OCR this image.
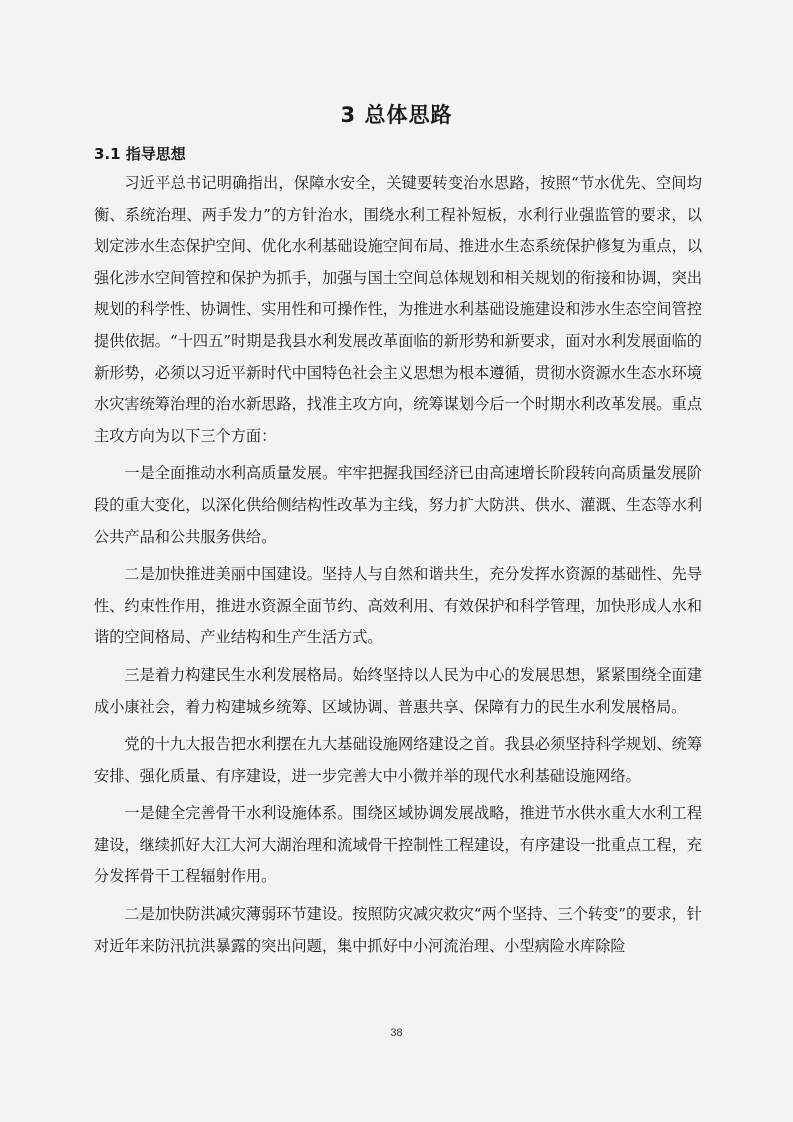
3 总体思路
3.1 指导思想

习近平总书记明确指出，保障水安全，关键要转变治水思路，按照“节水优先、空间均衡、系统治理、两手发力”的方针治水，围绕水利工程补短板，水利行业强监管的要求，以划定涉水生态保护空间、优化水利基础设施空间布局、推进水生态系统保护修复为重点，以强化涉水空间管控和保护为抓手，加强与国土空间总体规划和相关规划的衔接和协调，突出规划的科学性、协调性、实用性和可操作性，为推进水利基础设施建设和涉水生态空间管控提供依据。“十四五”时期是我县水利发展改革面临的新形势和新要求，面对水利发展面临的新形势，必须以习近平新时代中国特色社会主义思想为根本遵循，贯彻水资源水生态水环境水灾害统筹治理的治水新思路，找准主攻方向，统筹谋划今后一个时期水利改革发展。重点主攻方向为以下三个方面：

一是全面推动水利高质量发展。牢牢把握我国经济已由高速增长阶段转向高质量发展阶段的重大变化，以深化供给侧结构性改革为主线，努力扩大防洪、供水、灌溉、生态等水利公共产品和公共服务供给。

二是加快推进美丽中国建设。坚持人与自然和谐共生，充分发挥水资源的基础性、先导性、约束性作用，推进水资源全面节约、高效利用、有效保护和科学管理，加快形成人水和谐的空间格局、产业结构和生产生活方式。

三是着力构建民生水利发展格局。始终坚持以人民为中心的发展思想，紧紧围绕全面建成小康社会，着力构建城乡统筹、区域协调、普惠共享、保障有力的民生水利发展格局。

党的十九大报告把水利摆在九大基础设施网络建设之首。我县必须坚持科学规划、统筹安排、强化质量、有序建设，进一步完善大中小微并举的现代水利基础设施网络。

一是健全完善骨干水利设施体系。围绕区域协调发展战略，推进节水供水重大水利工程建设，继续抓好大江大河大湖治理和流域骨干控制性工程建设，有序建设一批重点工程，充分发挥骨干工程辐射作用。

二是加快防洪减灾薄弱环节建设。按照防灾减灾救灾“两个坚持、三个转变”的要求，针对近年来防汛抗洪暴露的突出问题，集中抓好中小河流治理、小型病险水库除险

38
